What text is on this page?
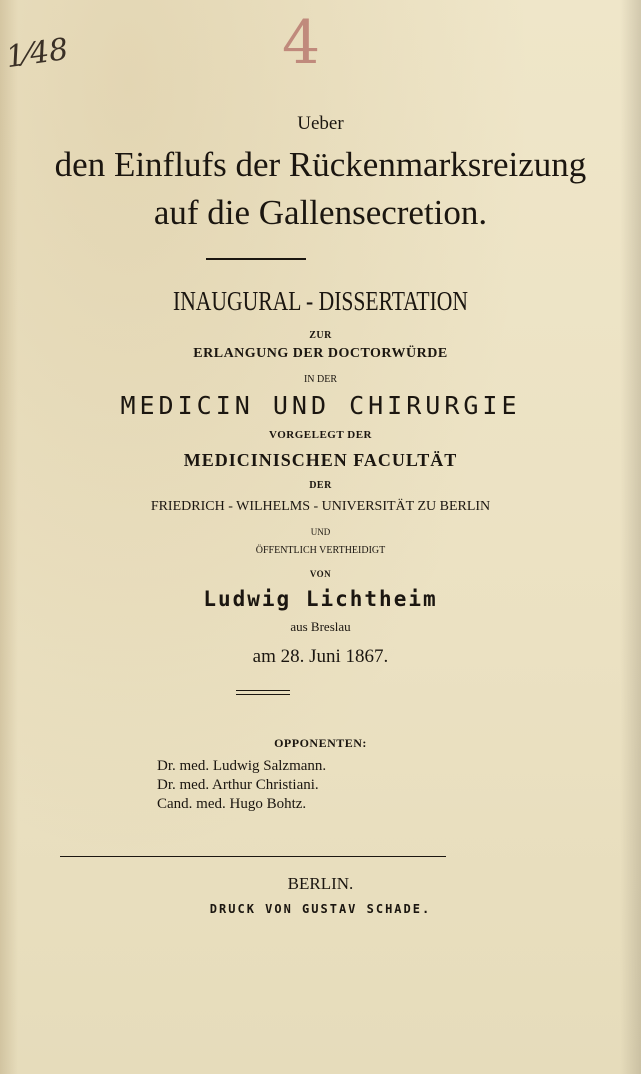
1⁄48	4
Ueber
den Einflufs der Rückenmarksreizung
auf die Gallensecretion.
INAUGURAL - DISSERTATION
ZUR
ERLANGUNG DER DOCTORWÜRDE
IN DER
MEDICIN UND CHIRURGIE
VORGELEGT DER
MEDICINISCHEN FACULTÄT
DER
FRIEDRICH - WILHELMS - UNIVERSITÄT ZU BERLIN
UND
ÖFFENTLICH VERTHEIDIGT
VON
Ludwig Lichtheim
aus Breslau
am 28. Juni 1867.
OPPONENTEN:
Dr. med. Ludwig Salzmann.
Dr. med. Arthur Christiani.
Cand. med. Hugo Bohtz.
BERLIN.
DRUCK VON GUSTAV SCHADE.
